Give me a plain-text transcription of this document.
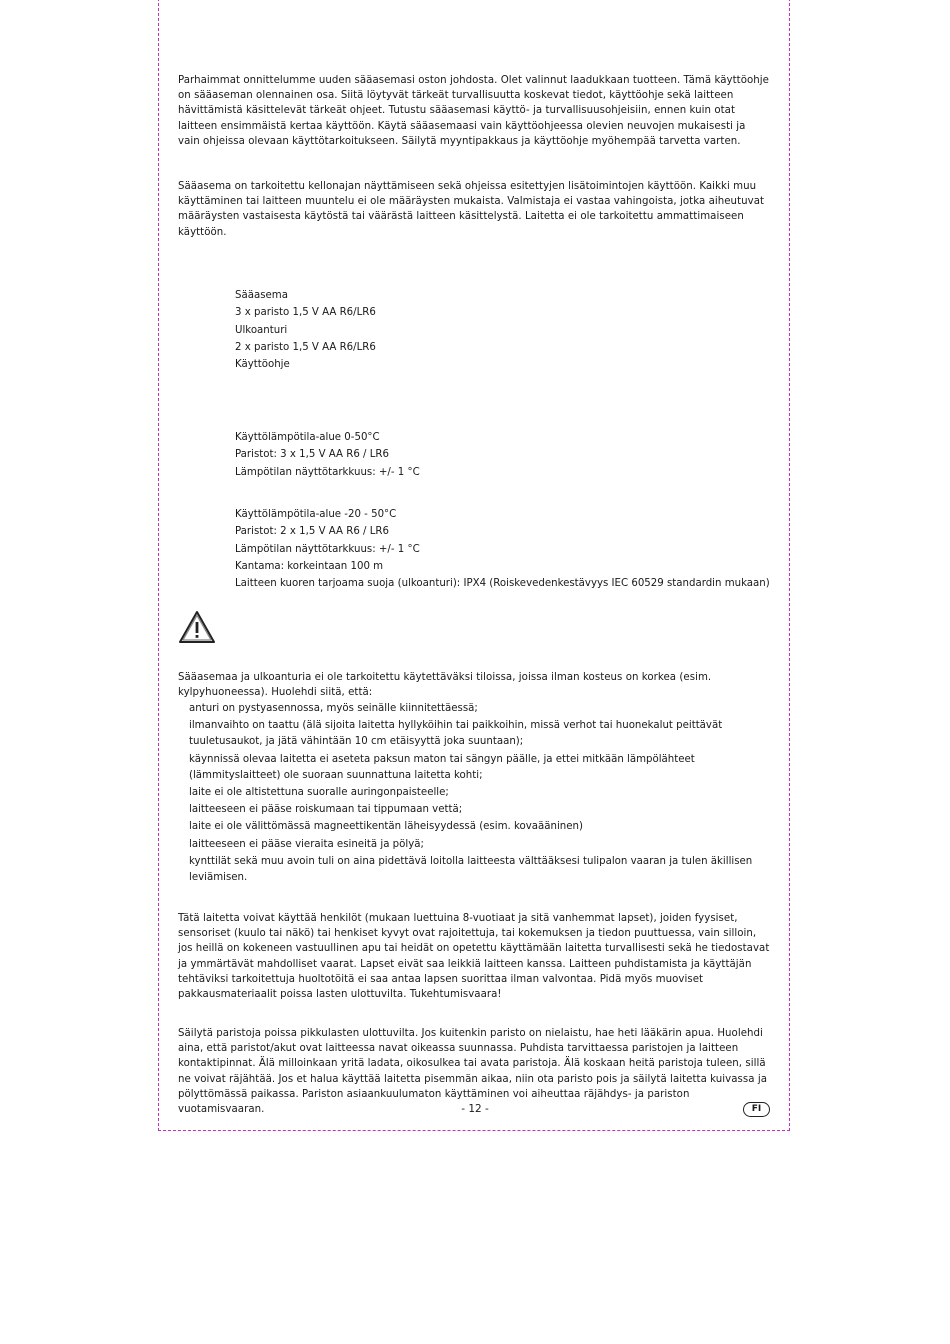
Parhaimmat onnittelumme uuden sääasemasi oston johdosta. Olet valinnut laadukkaan tuotteen. Tämä käyttöohje on sääaseman olennainen osa. Siitä löytyvät tärkeät turvallisuutta koskevat tiedot, käyttöohje sekä laitteen hävittämistä käsittelevät tärkeät ohjeet. Tutustu sääasemasi käyttö- ja turvallisuusohjeisiin, ennen kuin otat laitteen ensimmäistä kertaa käyttöön. Käytä sääasemaasi vain käyttöohjeessa olevien neuvojen mukaisesti ja vain ohjeissa olevaan käyttötarkoitukseen. Säilytä myyntipakkaus ja käyttöohje myöhempää tarvetta varten.

Sääasema on tarkoitettu kellonajan näyttämiseen sekä ohjeissa esitettyjen lisätoimintojen käyttöön. Kaikki muu käyttäminen tai laitteen muuntelu ei ole määräysten mukaista. Valmistaja ei vastaa vahingoista, jotka aiheutuvat määräysten vastaisesta käytöstä tai väärästä laitteen käsittelystä. Laitetta ei ole tarkoitettu ammattimaiseen käyttöön.

Sääasema
3 x paristo 1,5 V AA R6/LR6
Ulkoanturi
2 x paristo 1,5 V AA R6/LR6
Käyttöohje
Käyttölämpötila-alue 0-50°C
Paristot: 3 x 1,5 V AA R6 / LR6
Lämpötilan näyttötarkkuus: +/- 1 °C
Käyttölämpötila-alue -20 - 50°C
Paristot: 2 x 1,5 V AA R6 / LR6
Lämpötilan näyttötarkkuus: +/- 1 °C
Kantama: korkeintaan 100 m
Laitteen kuoren tarjoama suoja (ulkoanturi): IPX4 (Roiskevedenkestävyys IEC 60529 standardin mukaan)

Sääasemaa ja ulkoanturia ei ole tarkoitettu käytettäväksi tiloissa, joissa ilman kosteus on korkea (esim. kylpyhuoneessa). Huolehdi siitä, että:

anturi on pystyasennossa, myös seinälle kiinnitettäessä;
ilmanvaihto on taattu (älä sijoita laitetta hyllyköihin tai paikkoihin, missä verhot tai huonekalut peittävät tuuletusaukot, ja jätä vähintään 10 cm etäisyyttä joka suuntaan);
käynnissä olevaa laitetta ei aseteta paksun maton tai sängyn päälle, ja ettei mitkään lämpölähteet (lämmityslaitteet) ole suoraan suunnattuna laitetta kohti;
laite ei ole altistettuna suoralle auringonpaisteelle;
laitteeseen ei pääse roiskumaan tai tippumaan vettä;
laite ei ole välittömässä magneettikentän läheisyydessä (esim. kovaääninen)
laitteeseen ei pääse vieraita esineitä ja pölyä;
kynttilät sekä muu avoin tuli on aina pidettävä loitolla laitteesta välttääksesi tulipalon vaaran ja tulen äkillisen leviämisen.

Tätä laitetta voivat käyttää henkilöt (mukaan luettuina 8-vuotiaat ja sitä vanhemmat lapset), joiden fyysiset, sensoriset (kuulo tai näkö) tai henkiset kyvyt ovat rajoitettuja, tai kokemuksen ja tiedon puuttuessa, vain silloin, jos heillä on kokeneen vastuullinen apu tai heidät on opetettu käyttämään laitetta turvallisesti sekä he tiedostavat ja ymmärtävät mahdolliset vaarat. Lapset eivät saa leikkiä laitteen kanssa. Laitteen puhdistamista ja käyttäjän tehtäviksi tarkoitettuja huoltotöitä ei saa antaa lapsen suorittaa ilman valvontaa. Pidä myös muoviset pakkausmateriaalit poissa lasten ulottuvilta. Tukehtumisvaara!

Säilytä paristoja poissa pikkulasten ulottuvilta. Jos kuitenkin paristo on nielaistu, hae heti lääkärin apua. Huolehdi aina, että paristot/akut ovat laitteessa navat oikeassa suunnassa. Puhdista tarvittaessa paristojen ja laitteen kontaktipinnat. Älä milloinkaan yritä ladata, oikosulkea tai avata paristoja. Älä koskaan heitä paristoja tuleen, sillä ne voivat räjähtää. Jos et halua käyttää laitetta pisemmän aikaa, niin ota paristo pois ja säilytä laitetta kuivassa ja pölyttömässä paikassa. Pariston asiaankuulumaton käyttäminen voi aiheuttaa räjähdys- ja pariston vuotamisvaaran.	- 12 -	FI
